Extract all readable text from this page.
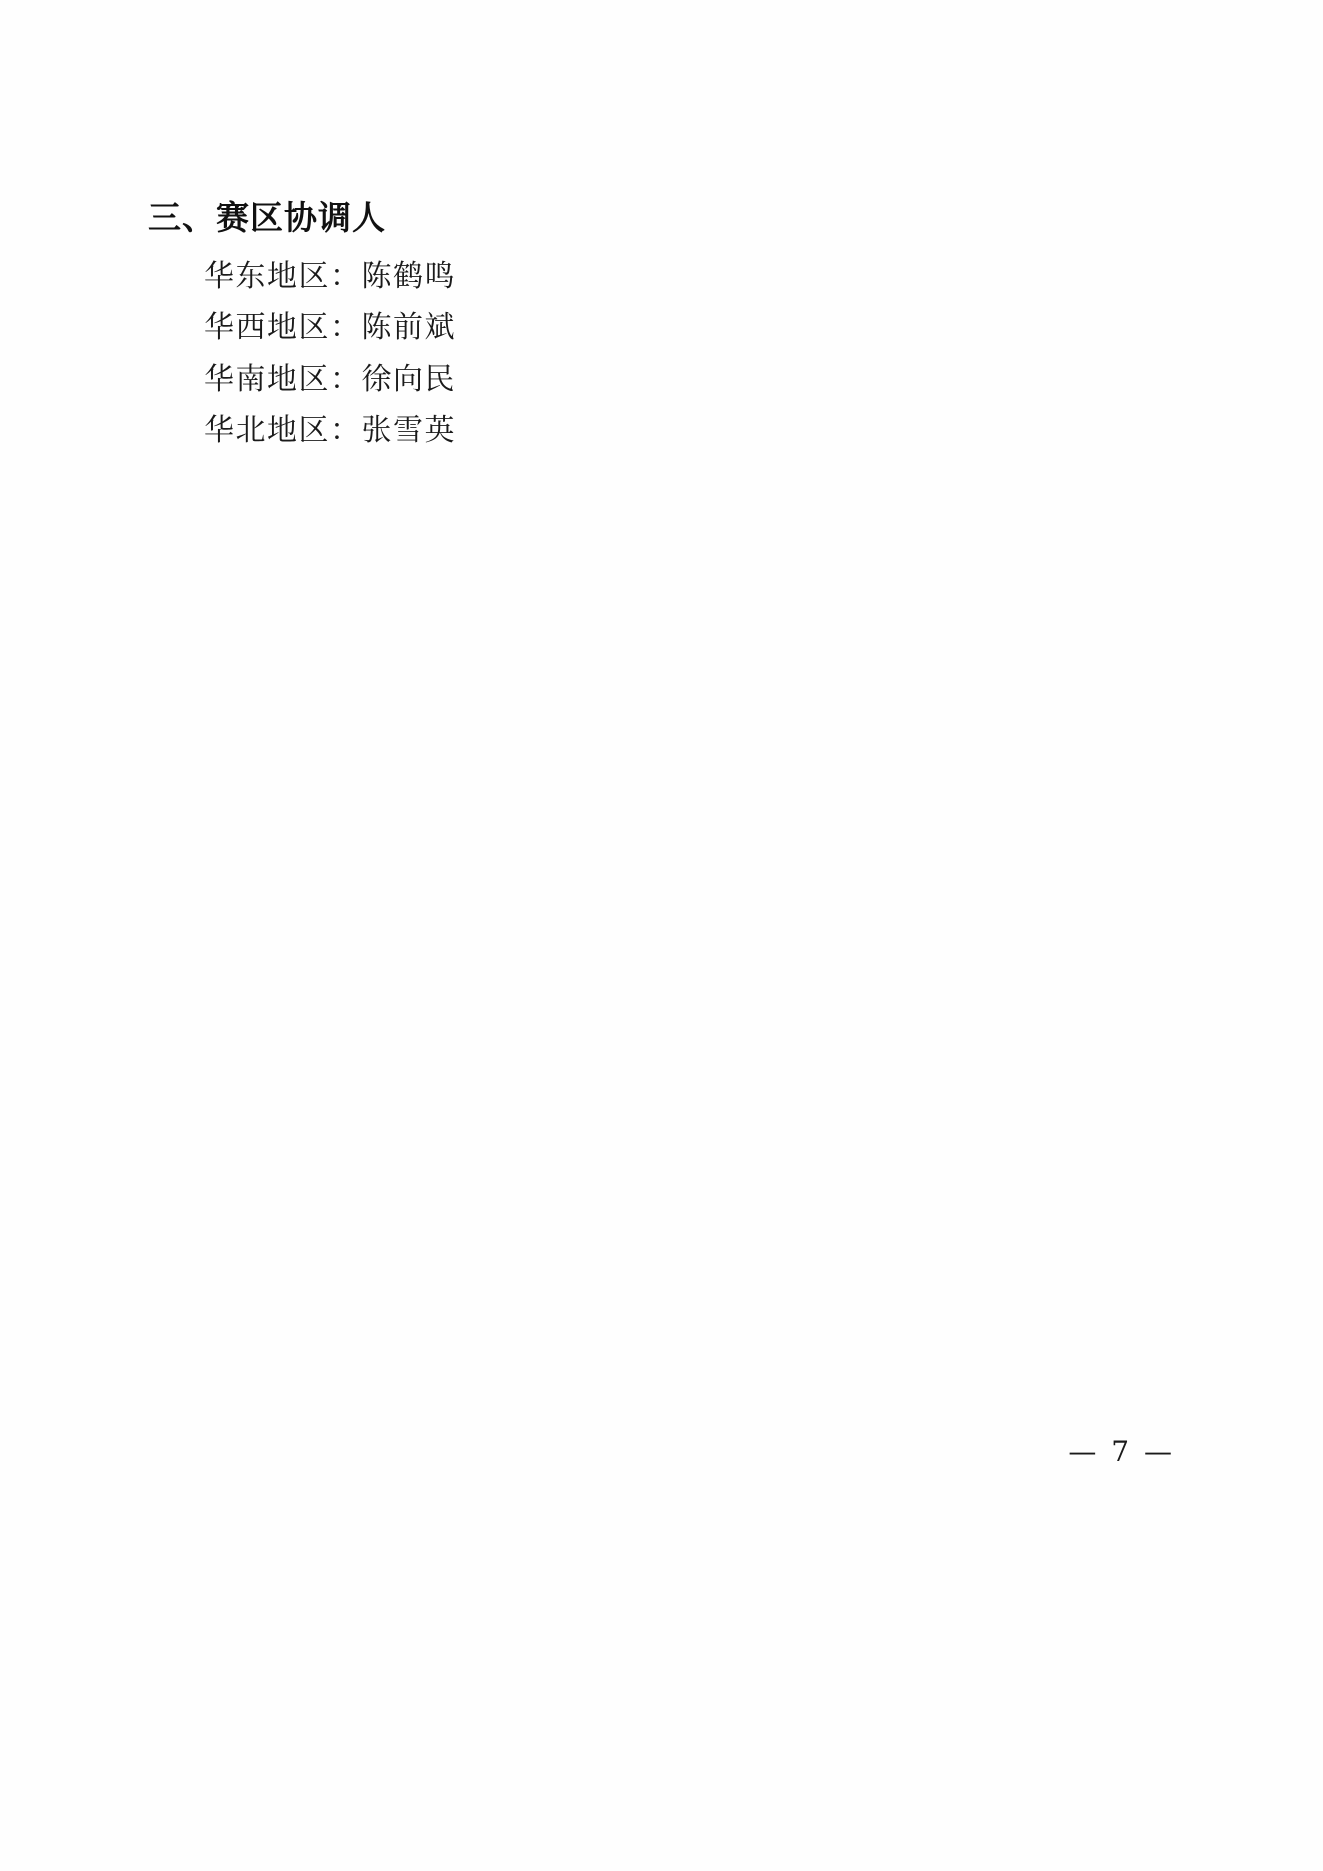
三、赛区协调人
华东地区：陈鹤鸣
华西地区：陈前斌
华南地区：徐向民
华北地区：张雪英
— 7 —
